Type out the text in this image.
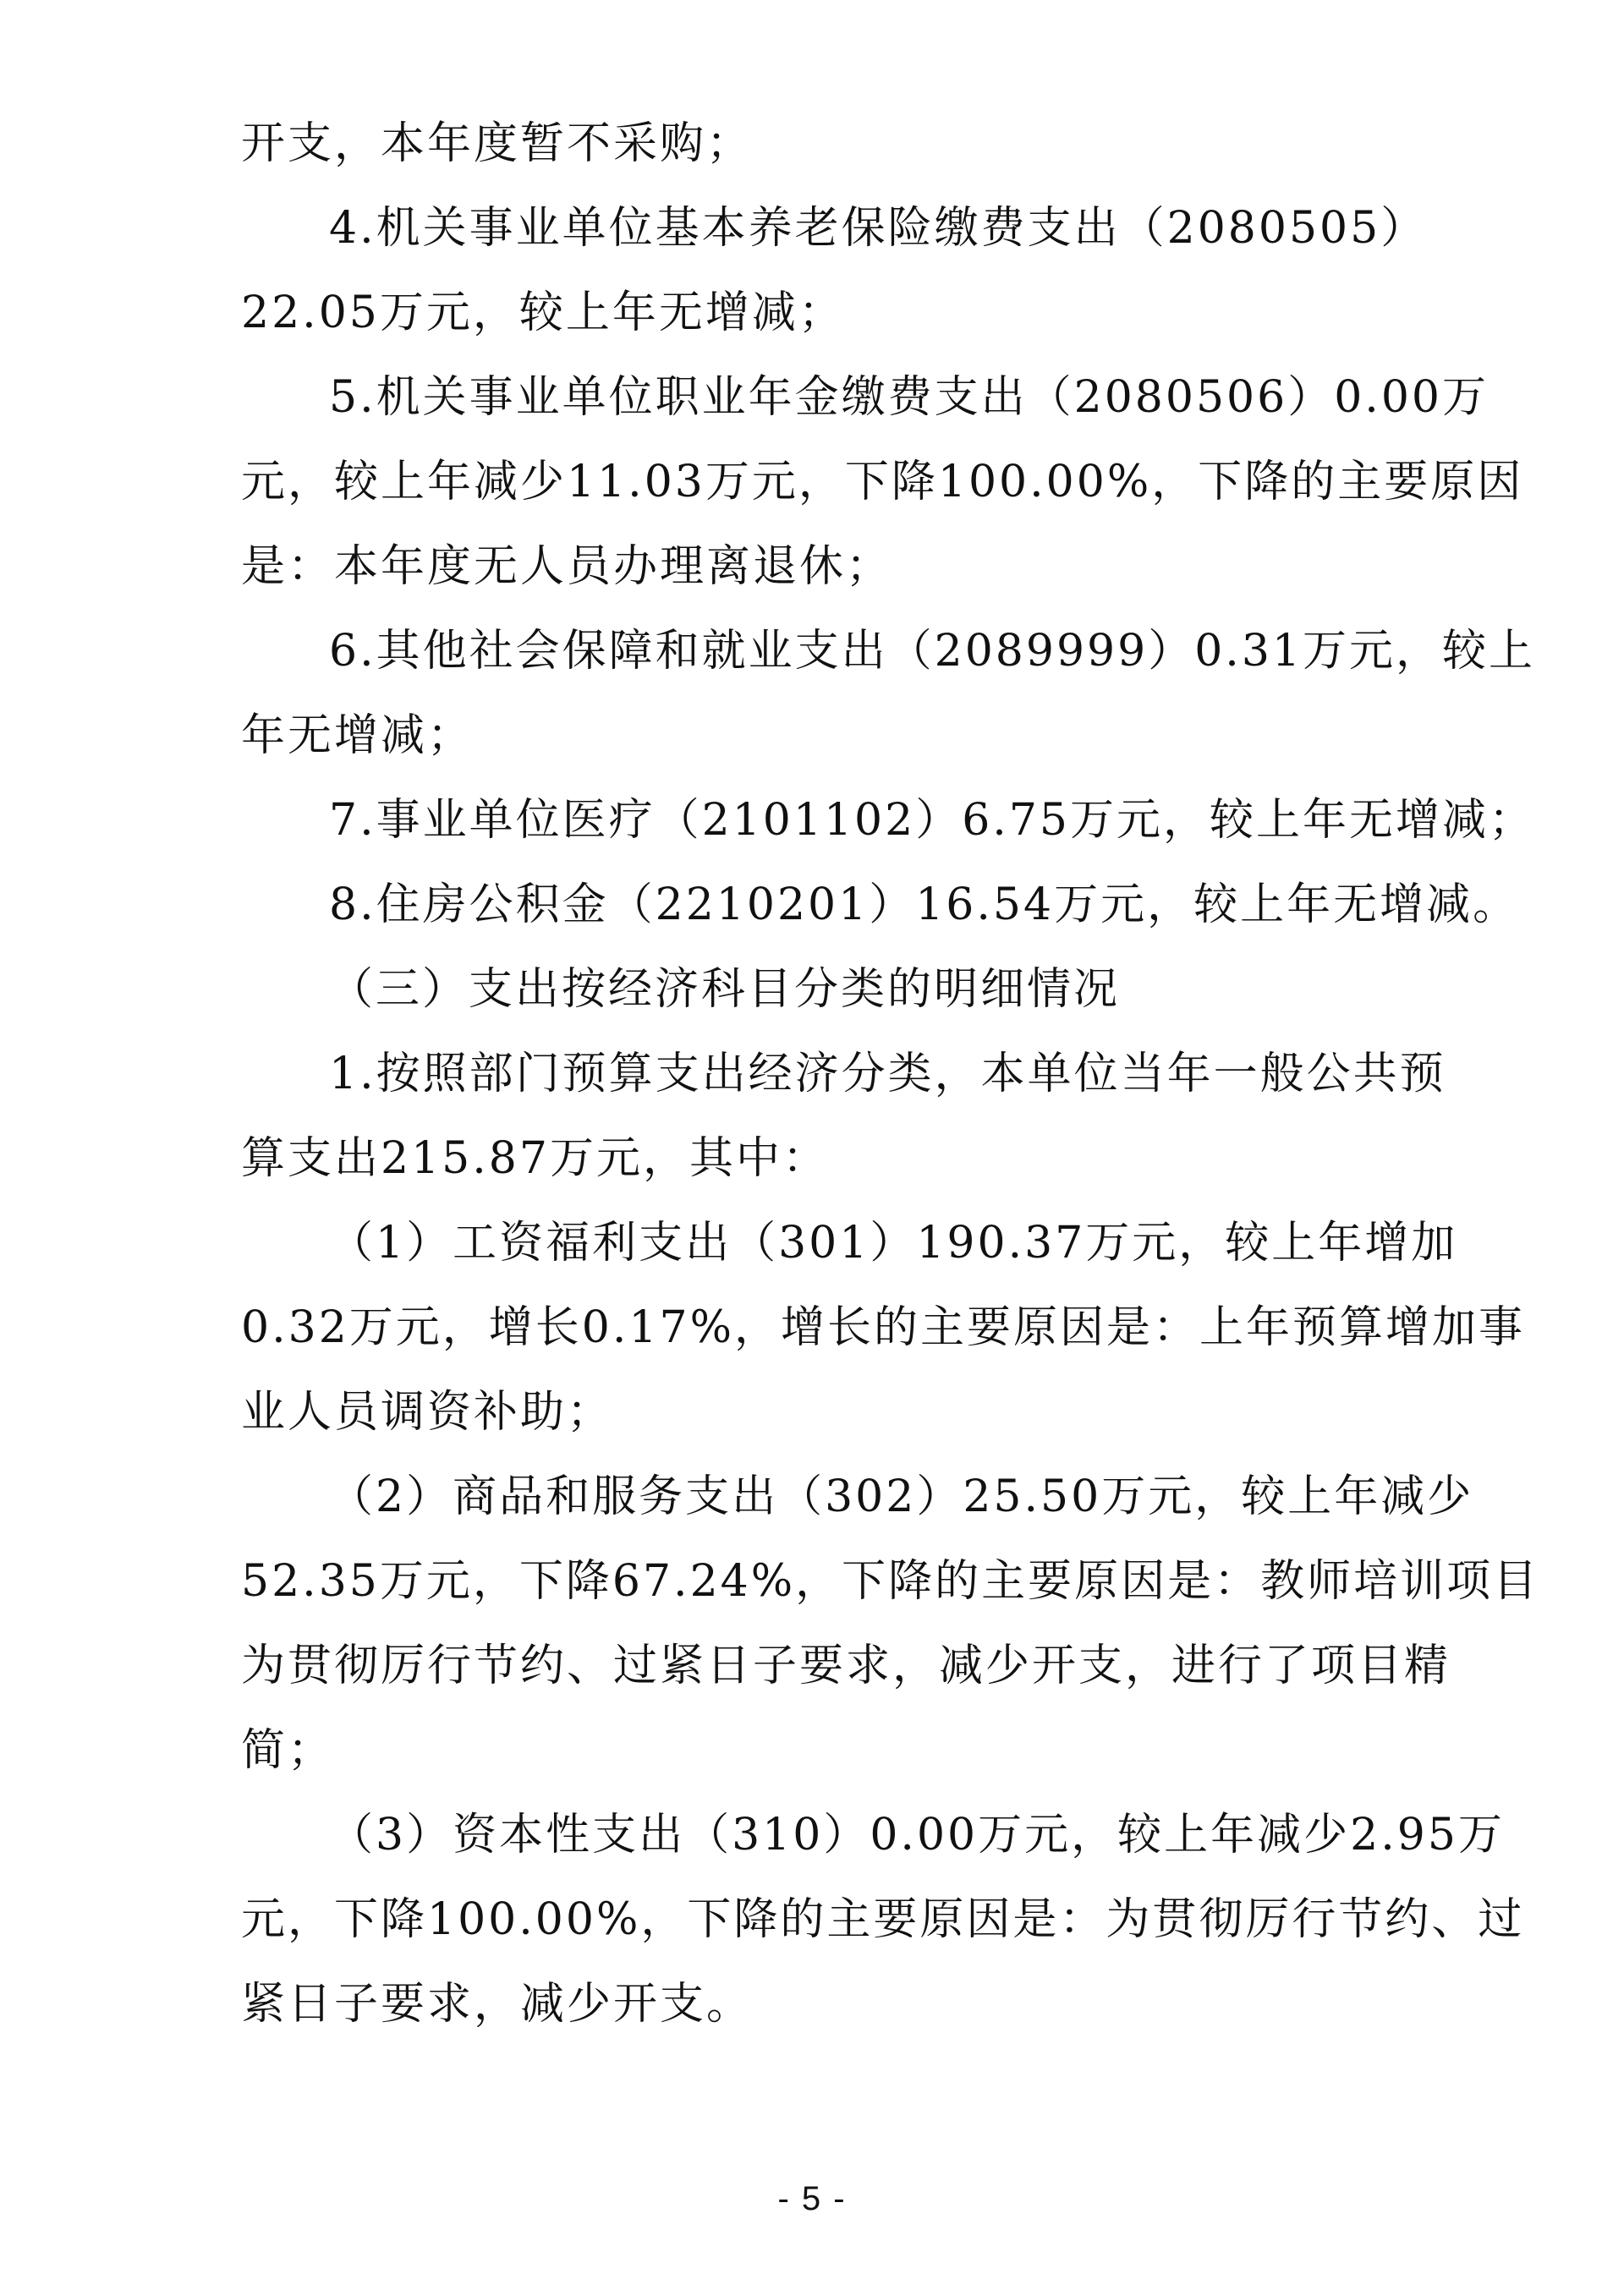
开支，本年度暂不采购；
4.机关事业单位基本养老保险缴费支出（2080505）
22.05万元，较上年无增减；
5.机关事业单位职业年金缴费支出（2080506）0.00万
元，较上年减少11.03万元，下降100.00%，下降的主要原因
是：本年度无人员办理离退休；
6.其他社会保障和就业支出（2089999）0.31万元，较上
年无增减；
7.事业单位医疗（2101102）6.75万元，较上年无增减；
8.住房公积金（2210201）16.54万元，较上年无增减。
（三）支出按经济科目分类的明细情况
1.按照部门预算支出经济分类，本单位当年一般公共预
算支出215.87万元，其中：
（1）工资福利支出（301）190.37万元，较上年增加
0.32万元，增长0.17%，增长的主要原因是：上年预算增加事
业人员调资补助；
（2）商品和服务支出（302）25.50万元，较上年减少
52.35万元，下降67.24%，下降的主要原因是：教师培训项目
为贯彻厉行节约、过紧日子要求，减少开支，进行了项目精
简；
（3）资本性支出（310）0.00万元，较上年减少2.95万
元，下降100.00%，下降的主要原因是：为贯彻厉行节约、过
紧日子要求，减少开支。
- 5 -
